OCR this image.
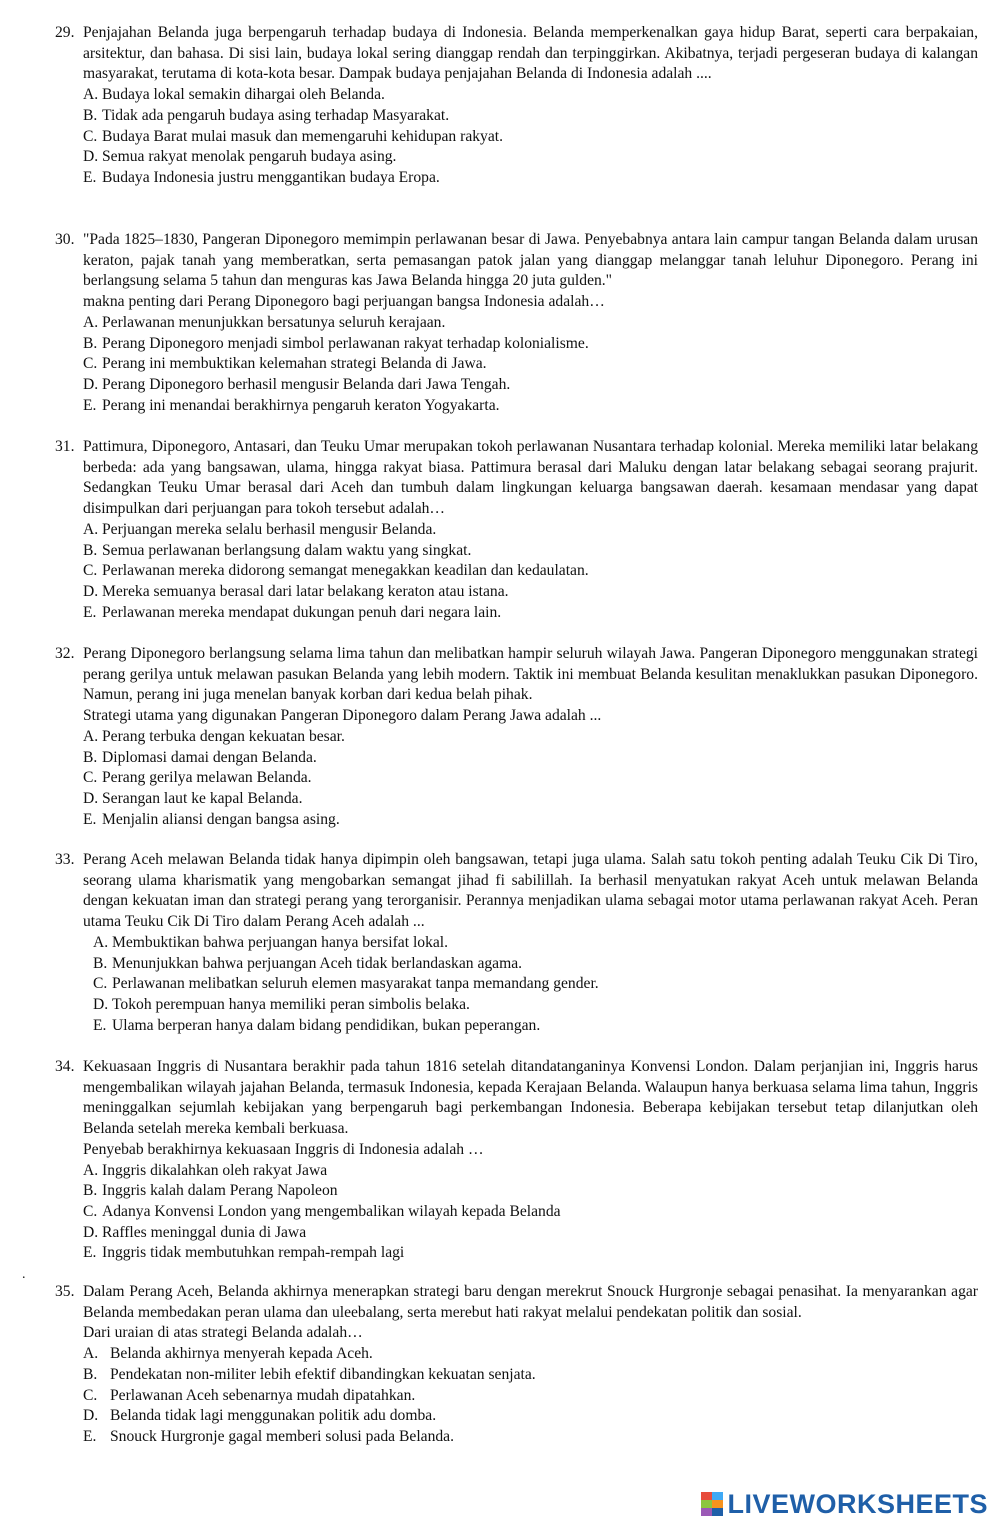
29. Penjajahan Belanda juga berpengaruh terhadap budaya di Indonesia. Belanda memperkenalkan gaya hidup Barat, seperti cara berpakaian, arsitektur, dan bahasa. Di sisi lain, budaya lokal sering dianggap rendah dan terpinggirkan. Akibatnya, terjadi pergeseran budaya di kalangan masyarakat, terutama di kota-kota besar. Dampak budaya penjajahan Belanda di Indonesia adalah ....

A. Budaya lokal semakin dihargai oleh Belanda.
B. Tidak ada pengaruh budaya asing terhadap Masyarakat.
C. Budaya Barat mulai masuk dan memengaruhi kehidupan rakyat.
D. Semua rakyat menolak pengaruh budaya asing.
E. Budaya Indonesia justru menggantikan budaya Eropa.
30. "Pada 1825–1830, Pangeran Diponegoro memimpin perlawanan besar di Jawa. Penyebabnya antara lain campur tangan Belanda dalam urusan keraton, pajak tanah yang memberatkan, serta pemasangan patok jalan yang dianggap melanggar tanah leluhur Diponegoro. Perang ini berlangsung selama 5 tahun dan menguras kas Jawa Belanda hingga 20 juta gulden."

makna penting dari Perang Diponegoro bagi perjuangan bangsa Indonesia adalah…

A. Perlawanan menunjukkan bersatunya seluruh kerajaan.
B. Perang Diponegoro menjadi simbol perlawanan rakyat terhadap kolonialisme.
C. Perang ini membuktikan kelemahan strategi Belanda di Jawa.
D. Perang Diponegoro berhasil mengusir Belanda dari Jawa Tengah.
E. Perang ini menandai berakhirnya pengaruh keraton Yogyakarta.
31. Pattimura, Diponegoro, Antasari, dan Teuku Umar merupakan tokoh perlawanan Nusantara terhadap kolonial. Mereka memiliki latar belakang berbeda: ada yang bangsawan, ulama, hingga rakyat biasa. Pattimura berasal dari Maluku dengan latar belakang sebagai seorang prajurit. Sedangkan Teuku Umar berasal dari Aceh dan tumbuh dalam lingkungan keluarga bangsawan daerah. kesamaan mendasar yang dapat disimpulkan dari perjuangan para tokoh tersebut adalah…

A. Perjuangan mereka selalu berhasil mengusir Belanda.
B. Semua perlawanan berlangsung dalam waktu yang singkat.
C. Perlawanan mereka didorong semangat menegakkan keadilan dan kedaulatan.
D. Mereka semuanya berasal dari latar belakang keraton atau istana.
E. Perlawanan mereka mendapat dukungan penuh dari negara lain.
32. Perang Diponegoro berlangsung selama lima tahun dan melibatkan hampir seluruh wilayah Jawa. Pangeran Diponegoro menggunakan strategi perang gerilya untuk melawan pasukan Belanda yang lebih modern. Taktik ini membuat Belanda kesulitan menaklukkan pasukan Diponegoro. Namun, perang ini juga menelan banyak korban dari kedua belah pihak.

Strategi utama yang digunakan Pangeran Diponegoro dalam Perang Jawa adalah ...

A. Perang terbuka dengan kekuatan besar.
B. Diplomasi damai dengan Belanda.
C. Perang gerilya melawan Belanda.
D. Serangan laut ke kapal Belanda.
E. Menjalin aliansi dengan bangsa asing.
33. Perang Aceh melawan Belanda tidak hanya dipimpin oleh bangsawan, tetapi juga ulama. Salah satu tokoh penting adalah Teuku Cik Di Tiro, seorang ulama kharismatik yang mengobarkan semangat jihad fi sabilillah. Ia berhasil menyatukan rakyat Aceh untuk melawan Belanda dengan kekuatan iman dan strategi perang yang terorganisir. Perannya menjadikan ulama sebagai motor utama perlawanan rakyat Aceh. Peran utama Teuku Cik Di Tiro dalam Perang Aceh adalah ...

A. Membuktikan bahwa perjuangan hanya bersifat lokal.
B. Menunjukkan bahwa perjuangan Aceh tidak berlandaskan agama.
C. Perlawanan melibatkan seluruh elemen masyarakat tanpa memandang gender.
D. Tokoh perempuan hanya memiliki peran simbolis belaka.
E. Ulama berperan hanya dalam bidang pendidikan, bukan peperangan.
34. Kekuasaan Inggris di Nusantara berakhir pada tahun 1816 setelah ditandatanganinya Konvensi London. Dalam perjanjian ini, Inggris harus mengembalikan wilayah jajahan Belanda, termasuk Indonesia, kepada Kerajaan Belanda. Walaupun hanya berkuasa selama lima tahun, Inggris meninggalkan sejumlah kebijakan yang berpengaruh bagi perkembangan Indonesia. Beberapa kebijakan tersebut tetap dilanjutkan oleh Belanda setelah mereka kembali berkuasa.

Penyebab berakhirnya kekuasaan Inggris di Indonesia adalah …

A. Inggris dikalahkan oleh rakyat Jawa
B. Inggris kalah dalam Perang Napoleon
C. Adanya Konvensi London yang mengembalikan wilayah kepada Belanda
D. Raffles meninggal dunia di Jawa
E. Inggris tidak membutuhkan rempah-rempah lagi
.
35. Dalam Perang Aceh, Belanda akhirnya menerapkan strategi baru dengan merekrut Snouck Hurgronje sebagai penasihat. Ia menyarankan agar Belanda membedakan peran ulama dan uleebalang, serta merebut hati rakyat melalui pendekatan politik dan sosial.

Dari uraian di atas strategi Belanda adalah…

A. Belanda akhirnya menyerah kepada Aceh.
B. Pendekatan non-militer lebih efektif dibandingkan kekuatan senjata.
C. Perlawanan Aceh sebenarnya mudah dipatahkan.
D. Belanda tidak lagi menggunakan politik adu domba.
E. Snouck Hurgronje gagal memberi solusi pada Belanda.
LIVEWORKSHEETS
